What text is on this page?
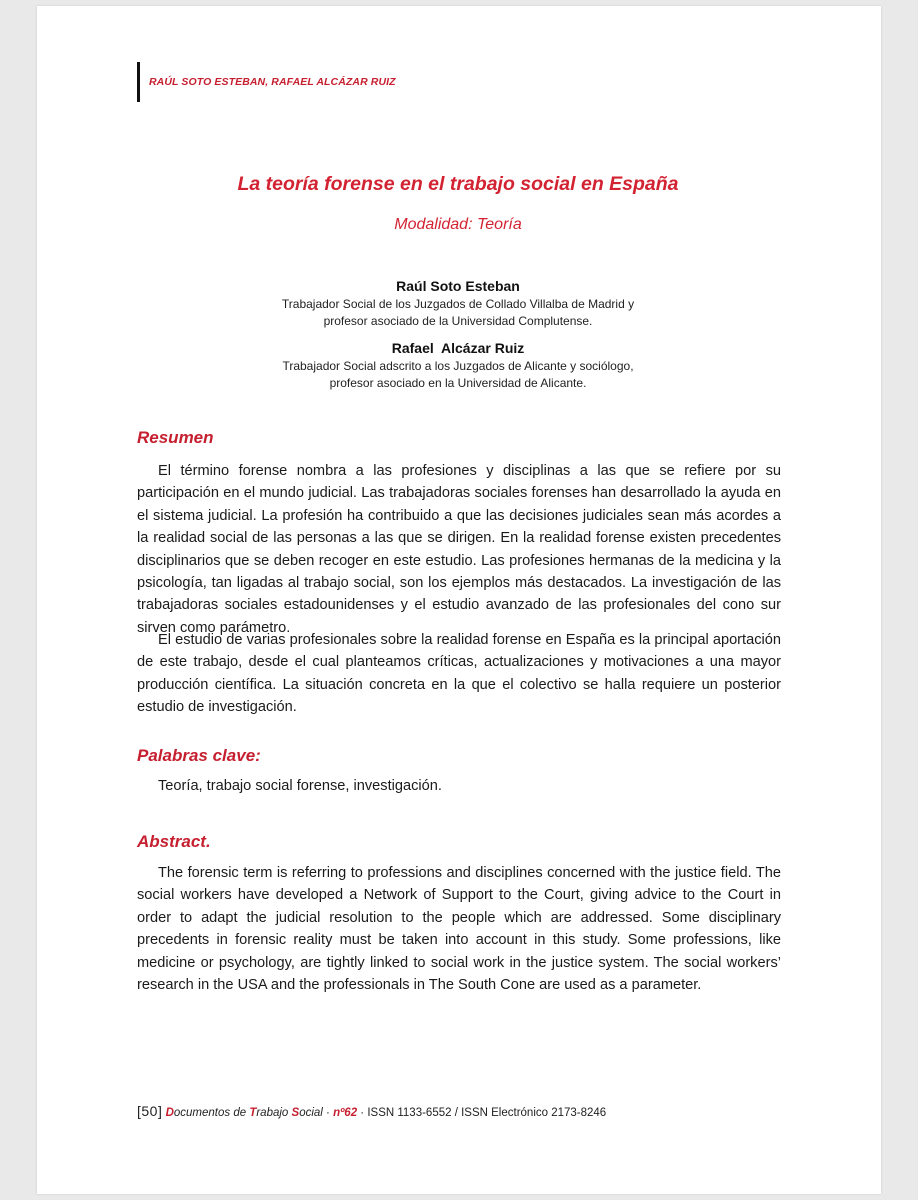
RAÚL SOTO ESTEBAN, RAFAEL ALCÁZAR RUIZ
La teoría forense en el trabajo social en España
Modalidad: Teoría
Raúl Soto Esteban
Trabajador Social de los Juzgados de Collado Villalba de Madrid y
profesor asociado de la Universidad Complutense.
Rafael  Alcázar Ruiz
Trabajador Social adscrito a los Juzgados de Alicante y sociólogo,
profesor asociado en la Universidad de Alicante.
Resumen
El término forense nombra a las profesiones y disciplinas a las que se refiere por su participación en el mundo judicial. Las trabajadoras sociales forenses han desarrollado la ayuda en el sistema judicial. La profesión ha contribuido a que las decisiones judiciales sean más acordes a la realidad social de las personas a las que se dirigen. En la realidad forense existen precedentes disciplinarios que se deben recoger en este estudio. Las profesiones hermanas de la medicina y la psicología, tan ligadas al trabajo social, son los ejemplos más destacados. La investigación de las trabajadoras sociales estadounidenses y el estudio avanzado de las profesionales del cono sur sirven como parámetro.
El estudio de varias profesionales sobre la realidad forense en España es la principal aportación de este trabajo, desde el cual planteamos críticas, actualizaciones y motivaciones a una mayor producción científica. La situación concreta en la que el colectivo se halla requiere un posterior estudio de investigación.
Palabras clave:
Teoría, trabajo social forense, investigación.
Abstract.
The forensic term is referring to professions and disciplines concerned with the justice field. The social workers have developed a Network of Support to the Court, giving advice to the Court in order to adapt the judicial resolution to the people which are addressed. Some disciplinary precedents in forensic reality must be taken into account in this study. Some professions, like medicine or psychology, are tightly linked to social work in the justice system. The social workers’ research in the USA and the professionals in The South Cone are used as a parameter.
[50] Documentos de Trabajo Social · nº62 · ISSN 1133-6552 / ISSN Electrónico 2173-8246
